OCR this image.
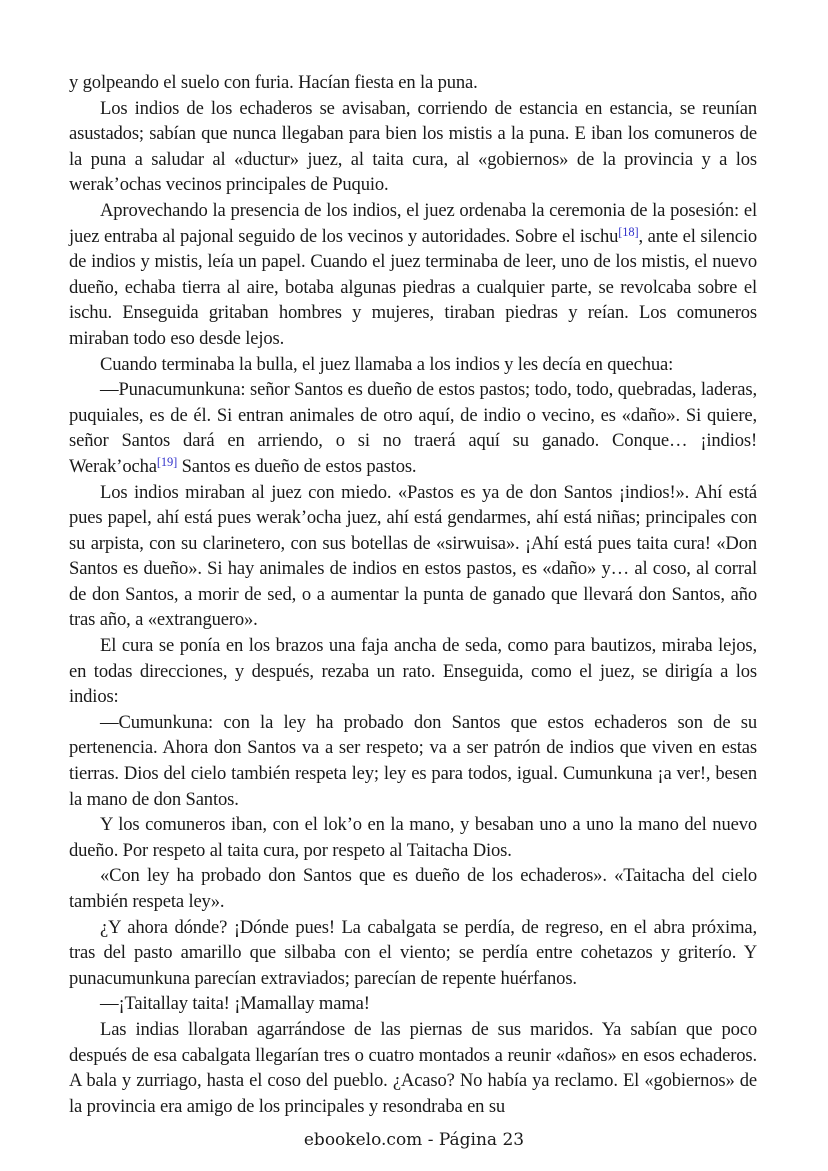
y golpeando el suelo con furia. Hacían fiesta en la puna.

Los indios de los echaderos se avisaban, corriendo de estancia en estancia, se reunían asustados; sabían que nunca llegaban para bien los mistis a la puna. E iban los comuneros de la puna a saludar al «ductur» juez, al taita cura, al «gobiernos» de la provincia y a los werak’ochas vecinos principales de Puquio.

Aprovechando la presencia de los indios, el juez ordenaba la ceremonia de la posesión: el juez entraba al pajonal seguido de los vecinos y autoridades. Sobre el ischu[18], ante el silencio de indios y mistis, leía un papel. Cuando el juez terminaba de leer, uno de los mistis, el nuevo dueño, echaba tierra al aire, botaba algunas piedras a cualquier parte, se revolcaba sobre el ischu. Enseguida gritaban hombres y mujeres, tiraban piedras y reían. Los comuneros miraban todo eso desde lejos.

Cuando terminaba la bulla, el juez llamaba a los indios y les decía en quechua:

—Punacumunkuna: señor Santos es dueño de estos pastos; todo, todo, quebradas, laderas, puquiales, es de él. Si entran animales de otro aquí, de indio o vecino, es «daño». Si quiere, señor Santos dará en arriendo, o si no traerá aquí su ganado. Conque… ¡indios! Werak’ocha[19] Santos es dueño de estos pastos.

Los indios miraban al juez con miedo. «Pastos es ya de don Santos ¡indios!». Ahí está pues papel, ahí está pues werak’ocha juez, ahí está gendarmes, ahí está niñas; principales con su arpista, con su clarinetero, con sus botellas de «sirwuisa». ¡Ahí está pues taita cura! «Don Santos es dueño». Si hay animales de indios en estos pastos, es «daño» y… al coso, al corral de don Santos, a morir de sed, o a aumentar la punta de ganado que llevará don Santos, año tras año, a «extranguero».

El cura se ponía en los brazos una faja ancha de seda, como para bautizos, miraba lejos, en todas direcciones, y después, rezaba un rato. Enseguida, como el juez, se dirigía a los indios:

—Cumunkuna: con la ley ha probado don Santos que estos echaderos son de su pertenencia. Ahora don Santos va a ser respeto; va a ser patrón de indios que viven en estas tierras. Dios del cielo también respeta ley; ley es para todos, igual. Cumunkuna ¡a ver!, besen la mano de don Santos.

Y los comuneros iban, con el lok’o en la mano, y besaban uno a uno la mano del nuevo dueño. Por respeto al taita cura, por respeto al Taitacha Dios.

«Con ley ha probado don Santos que es dueño de los echaderos». «Taitacha del cielo también respeta ley».

¿Y ahora dónde? ¡Dónde pues! La cabalgata se perdía, de regreso, en el abra próxima, tras del pasto amarillo que silbaba con el viento; se perdía entre cohetazos y griterío. Y punacumunkuna parecían extraviados; parecían de repente huérfanos.

—¡Taitallay taita! ¡Mamallay mama!

Las indias lloraban agarrándose de las piernas de sus maridos. Ya sabían que poco después de esa cabalgata llegarían tres o cuatro montados a reunir «daños» en esos echaderos. A bala y zurriago, hasta el coso del pueblo. ¿Acaso? No había ya reclamo. El «gobiernos» de la provincia era amigo de los principales y resondraba en su

ebookelo.com - Página 23
